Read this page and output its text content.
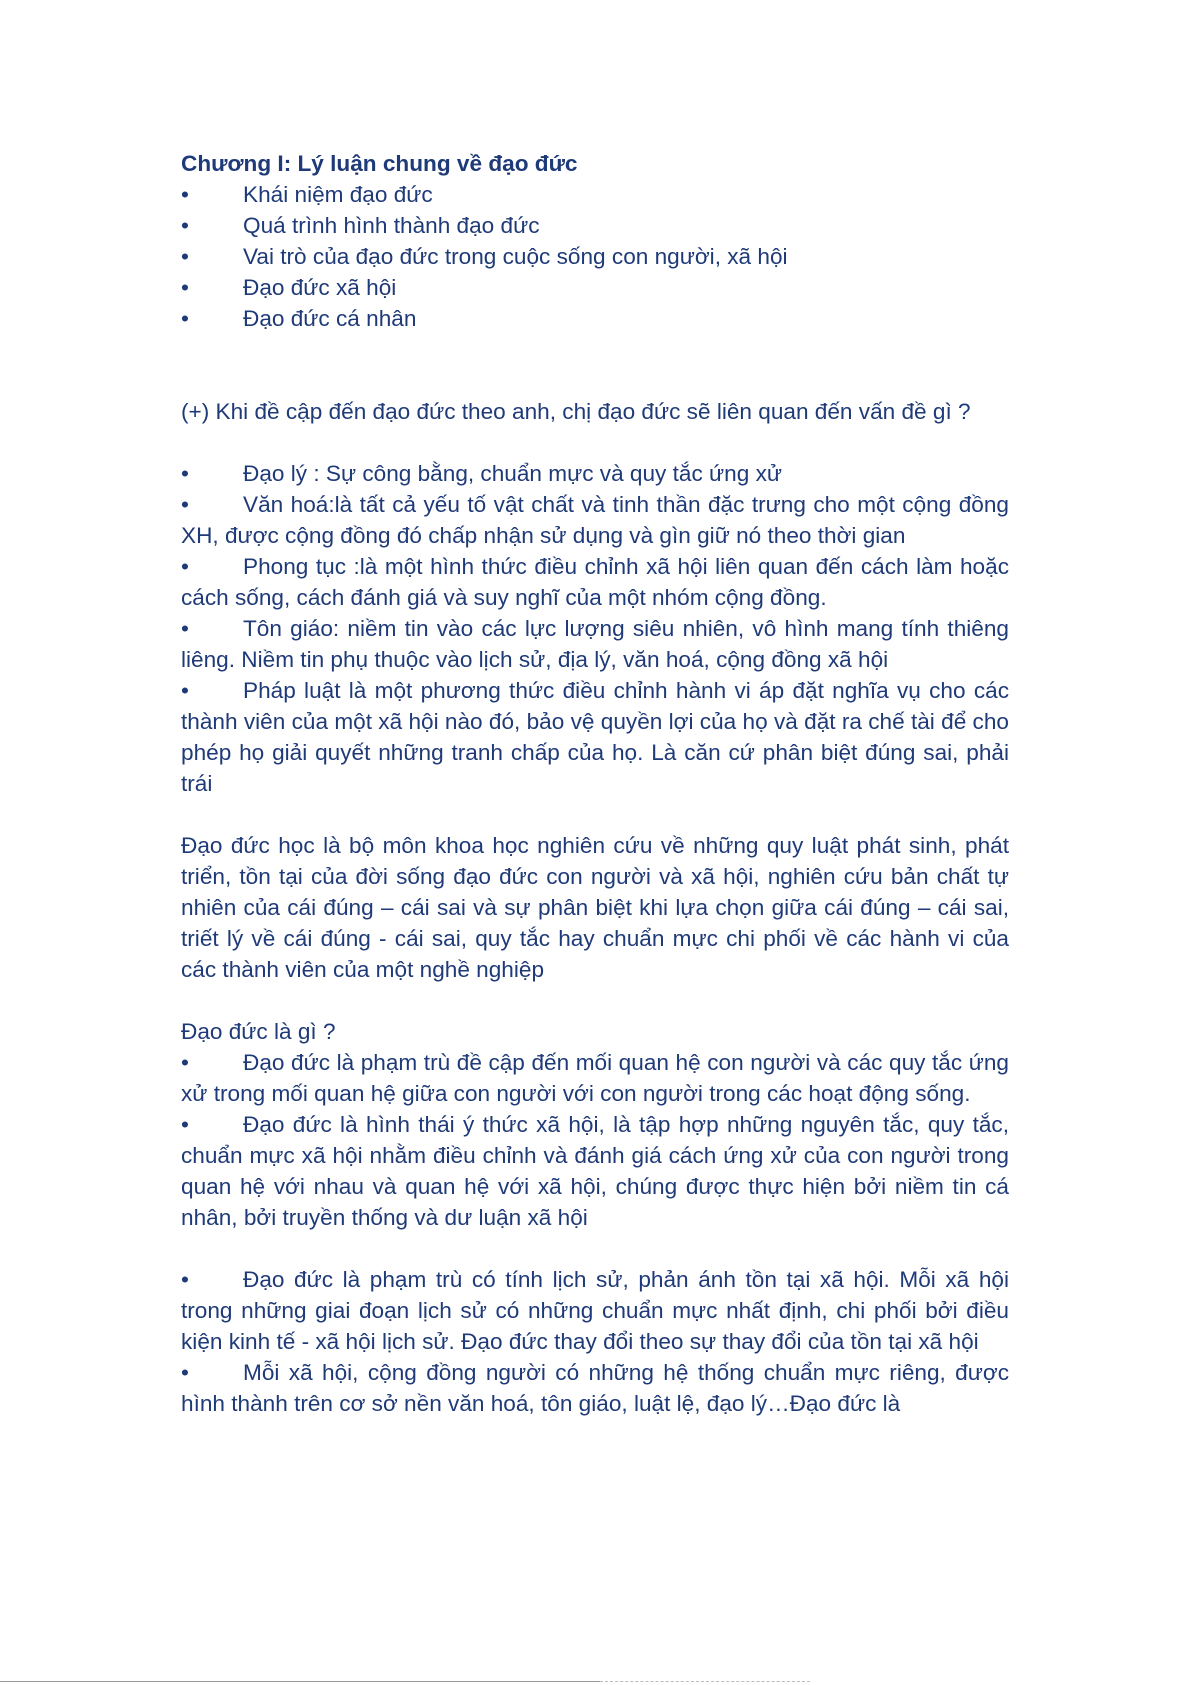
Chương I: Lý luận chung về đạo đức

•	Khái niệm đạo đức
•	Quá trình hình thành đạo đức
•	Vai trò của đạo đức trong cuộc sống con người, xã hội
•	Đạo đức xã hội
•	Đạo đức cá nhân

(+) Khi đề cập đến đạo đức theo anh, chị đạo đức sẽ liên quan đến vấn đề gì ?

• Đạo lý : Sự công bằng, chuẩn mực và quy tắc ứng xử

• Văn hoá:là tất cả yếu tố vật chất và tinh thần đặc trưng cho một cộng đồng XH, được cộng đồng đó chấp nhận sử dụng và gìn giữ nó theo thời gian

• Phong tục :là một hình thức điều chỉnh xã hội liên quan đến cách làm hoặc cách sống, cách đánh giá và suy nghĩ của một nhóm cộng đồng.

• Tôn giáo: niềm tin vào các lực lượng siêu nhiên, vô hình mang tính thiêng liêng. Niềm tin phụ thuộc vào lịch sử, địa lý, văn hoá, cộng đồng xã hội

• Pháp luật là một phương thức điều chỉnh hành vi áp đặt nghĩa vụ cho các thành viên của một xã hội nào đó, bảo vệ quyền lợi của họ và đặt ra chế tài để cho phép họ giải quyết những tranh chấp của họ. Là căn cứ phân biệt đúng sai, phải trái

Đạo đức học là bộ môn khoa học nghiên cứu về những quy luật phát sinh, phát triển, tồn tại của đời sống đạo đức con người và xã hội, nghiên cứu bản chất tự nhiên của cái đúng – cái sai và sự phân biệt khi lựa chọn giữa cái đúng – cái sai, triết lý về cái đúng - cái sai, quy tắc hay chuẩn mực chi phối về các hành vi của các thành viên của một nghề nghiệp

Đạo đức là gì ?

• Đạo đức là phạm trù đề cập đến mối quan hệ con người và các quy tắc ứng xử trong mối quan hệ giữa con người với con người trong các hoạt động sống.

• Đạo đức là hình thái ý thức xã hội, là tập hợp những nguyên tắc, quy tắc, chuẩn mực xã hội nhằm điều chỉnh và đánh giá cách ứng xử của con người trong quan hệ với nhau và quan hệ với xã hội, chúng được thực hiện bởi niềm tin cá nhân, bởi truyền thống và dư luận xã hội

• Đạo đức là phạm trù có tính lịch sử, phản ánh tồn tại xã hội. Mỗi xã hội trong những giai đoạn lịch sử có những chuẩn mực nhất định, chi phối bởi điều kiện kinh tế - xã hội lịch sử. Đạo đức thay đổi theo sự thay đổi của tồn tại xã hội

• Mỗi xã hội, cộng đồng người có những hệ thống chuẩn mực riêng, được hình thành trên cơ sở nền văn hoá, tôn giáo, luật lệ, đạo lý…Đạo đức là
